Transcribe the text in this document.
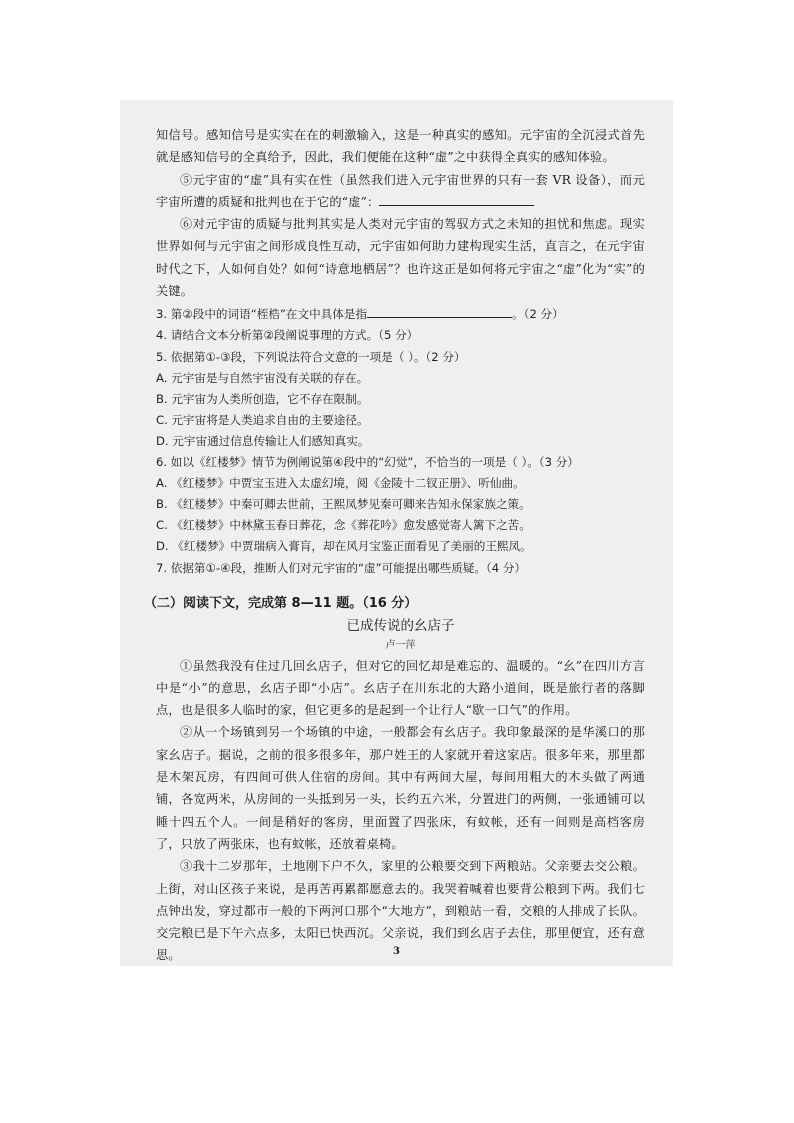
知信号。感知信号是实实在在的刺激输入，这是一种真实的感知。元宇宙的全沉浸式首先就是感知信号的全真给予，因此，我们便能在这种“虚”之中获得全真实的感知体验。

⑤元宇宙的“虚”具有实在性（虽然我们进入元宇宙世界的只有一套 VR 设备），而元宇宙所遭的质疑和批判也在于它的“虚”：

⑥对元宇宙的质疑与批判其实是人类对元宇宙的驾驭方式之未知的担忧和焦虑。现实世界如何与元宇宙之间形成良性互动，元宇宙如何助力建构现实生活，直言之，在元宇宙时代之下，人如何自处？如何“诗意地栖居”？也许这正是如何将元宇宙之“虚”化为“实”的关键。

3. 第②段中的词语“桎梏”在文中具体是指	。（2 分）

4. 请结合文本分析第②段阐说事理的方式。（5 分）

5. 依据第①-③段，下列说法符合文意的一项是（ ）。（2 分）

A. 元宇宙是与自然宇宙没有关联的存在。

B. 元宇宙为人类所创造，它不存在限制。

C. 元宇宙将是人类追求自由的主要途径。

D. 元宇宙通过信息传输让人们感知真实。

6. 如以《红楼梦》情节为例阐说第④段中的“幻觉”，不恰当的一项是（ ）。（3 分）

A. 《红楼梦》中贾宝玉进入太虚幻境，阅《金陵十二钗正册》、听仙曲。

B. 《红楼梦》中秦可卿去世前，王熙凤梦见秦可卿来告知永保家族之策。

C. 《红楼梦》中林黛玉春日葬花，念《葬花吟》愈发感觉寄人篱下之苦。

D. 《红楼梦》中贾瑞病入膏肓，却在风月宝鉴正面看见了美丽的王熙凤。

7. 依据第①-④段，推断人们对元宇宙的“虚”可能提出哪些质疑。（4 分）

（二）阅读下文，完成第 8—11 题。（16 分）

已成传说的幺店子

卢一萍

①虽然我没有住过几回幺店子，但对它的回忆却是难忘的、温暖的。“幺”在四川方言中是“小”的意思，幺店子即“小店”。幺店子在川东北的大路小道间，既是旅行者的落脚点，也是很多人临时的家，但它更多的是起到一个让行人“歇一口气”的作用。

②从一个场镇到另一个场镇的中途，一般都会有幺店子。我印象最深的是华溪口的那家幺店子。据说，之前的很多很多年，那户姓王的人家就开着这家店。很多年来，那里都是木架瓦房，有四间可供人住宿的房间。其中有两间大屋，每间用粗大的木头做了两通铺，各宽两米，从房间的一头抵到另一头，长约五六米，分置进门的两侧，一张通铺可以睡十四五个人。一间是稍好的客房，里面置了四张床，有蚊帐，还有一间则是高档客房了，只放了两张床，也有蚊帐，还放着桌椅。

③我十二岁那年，土地刚下户不久，家里的公粮要交到下两粮站。父亲要去交公粮。上街，对山区孩子来说，是再苦再累都愿意去的。我哭着喊着也要背公粮到下两。我们七点钟出发，穿过都市一般的下两河口那个“大地方”，到粮站一看，交粮的人排成了长队。交完粮已是下午六点多，太阳已快西沉。父亲说，我们到幺店子去住，那里便宜，还有意思。	3
